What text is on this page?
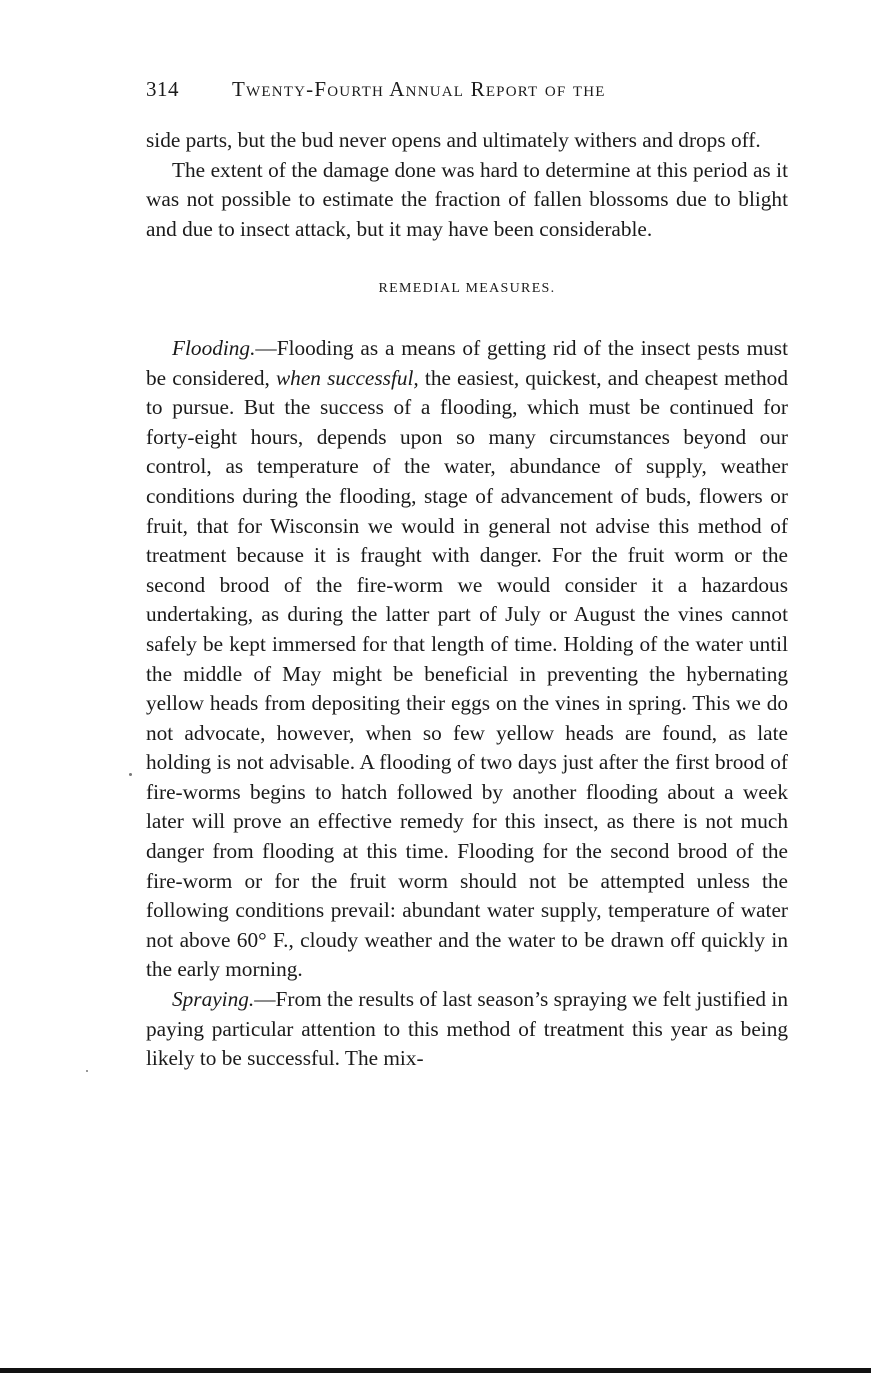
314	Twenty-Fourth Annual Report of the

side parts, but the bud never opens and ultimately withers and drops off.

The extent of the damage done was hard to determine at this period as it was not possible to estimate the fraction of fallen blossoms due to blight and due to insect attack, but it may have been considerable.

REMEDIAL MEASURES.

Flooding.—Flooding as a means of getting rid of the insect pests must be considered, when successful, the easiest, quickest, and cheapest method to pursue. But the success of a flooding, which must be continued for forty-eight hours, depends upon so many circumstances beyond our control, as temperature of the water, abundance of supply, weather conditions during the flooding, stage of advancement of buds, flowers or fruit, that for Wisconsin we would in general not advise this method of treatment because it is fraught with danger. For the fruit worm or the second brood of the fire-worm we would consider it a hazardous undertaking, as during the latter part of July or August the vines cannot safely be kept immersed for that length of time. Holding of the water until the middle of May might be beneficial in preventing the hybernating yellow heads from depositing their eggs on the vines in spring. This we do not advocate, however, when so few yellow heads are found, as late holding is not advisable. A flooding of two days just after the first brood of fire-worms begins to hatch followed by another flooding about a week later will prove an effective remedy for this insect, as there is not much danger from flooding at this time. Flooding for the second brood of the fire-worm or for the fruit worm should not be attempted unless the following conditions prevail: abundant water supply, temperature of water not above 60° F., cloudy weather and the water to be drawn off quickly in the early morning.

Spraying.—From the results of last season’s spraying we felt justified in paying particular attention to this method of treatment this year as being likely to be successful. The mix-
